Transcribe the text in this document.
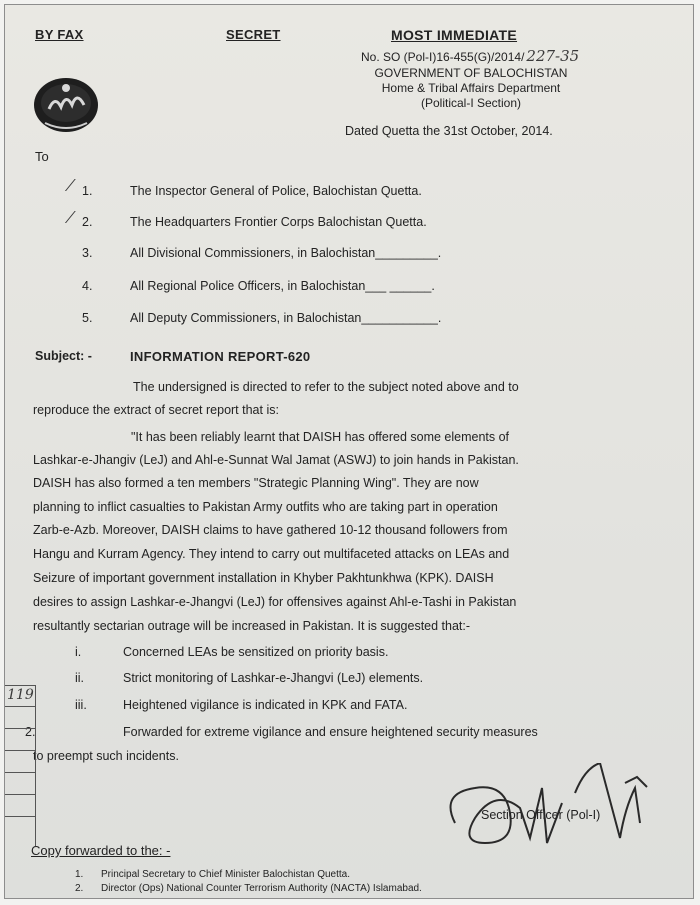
BY FAX	SECRET	MOST IMMEDIATE
No. SO (Pol-I)16-455(G)/2014/ 227-35
GOVERNMENT OF BALOCHISTAN
Home & Tribal Affairs Department
(Political-I Section)
Dated Quetta the 31st October, 2014.
To
⁄ 1.	The Inspector General of Police, Balochistan Quetta.
⁄ 2.	The Headquarters Frontier Corps Balochistan Quetta.
3.	All Divisional Commissioners, in Balochistan_________.
4.	All Regional Police Officers, in Balochistan___ ______.
5.	All Deputy Commissioners, in Balochistan___________.
Subject: -	INFORMATION REPORT-620
The undersigned is directed to refer to the subject noted above and to
reproduce the extract of secret report that is:
"It has been reliably learnt that DAISH has offered some elements of
Lashkar-e-Jhangiv (LeJ) and Ahl-e-Sunnat Wal Jamat (ASWJ) to join hands in Pakistan.
DAISH has also formed a ten members "Strategic Planning Wing". They are now
planning to inflict casualties to Pakistan Army outfits who are taking part in operation
Zarb-e-Azb. Moreover, DAISH claims to have gathered 10-12 thousand followers from
Hangu and Kurram Agency. They intend to carry out multifaceted attacks on LEAs and
Seizure of important government installation in Khyber Pakhtunkhwa (KPK). DAISH
desires to assign Lashkar-e-Jhangvi (LeJ) for offensives against Ahl-e-Tashi in Pakistan
resultantly sectarian outrage will be increased in Pakistan. It is suggested that:-
i.	Concerned LEAs be sensitized on priority basis.
ii.	Strict monitoring of Lashkar-e-Jhangvi (LeJ) elements.
iii.	Heightened vigilance is indicated in KPK and FATA.
2.	Forwarded for extreme vigilance and ensure heightened security measures
to preempt such incidents.
119
Section Officer (Pol-I)
Copy forwarded to the: -
1. Principal Secretary to Chief Minister Balochistan Quetta.
2. Director (Ops) National Counter Terrorism Authority (NACTA) Islamabad.
